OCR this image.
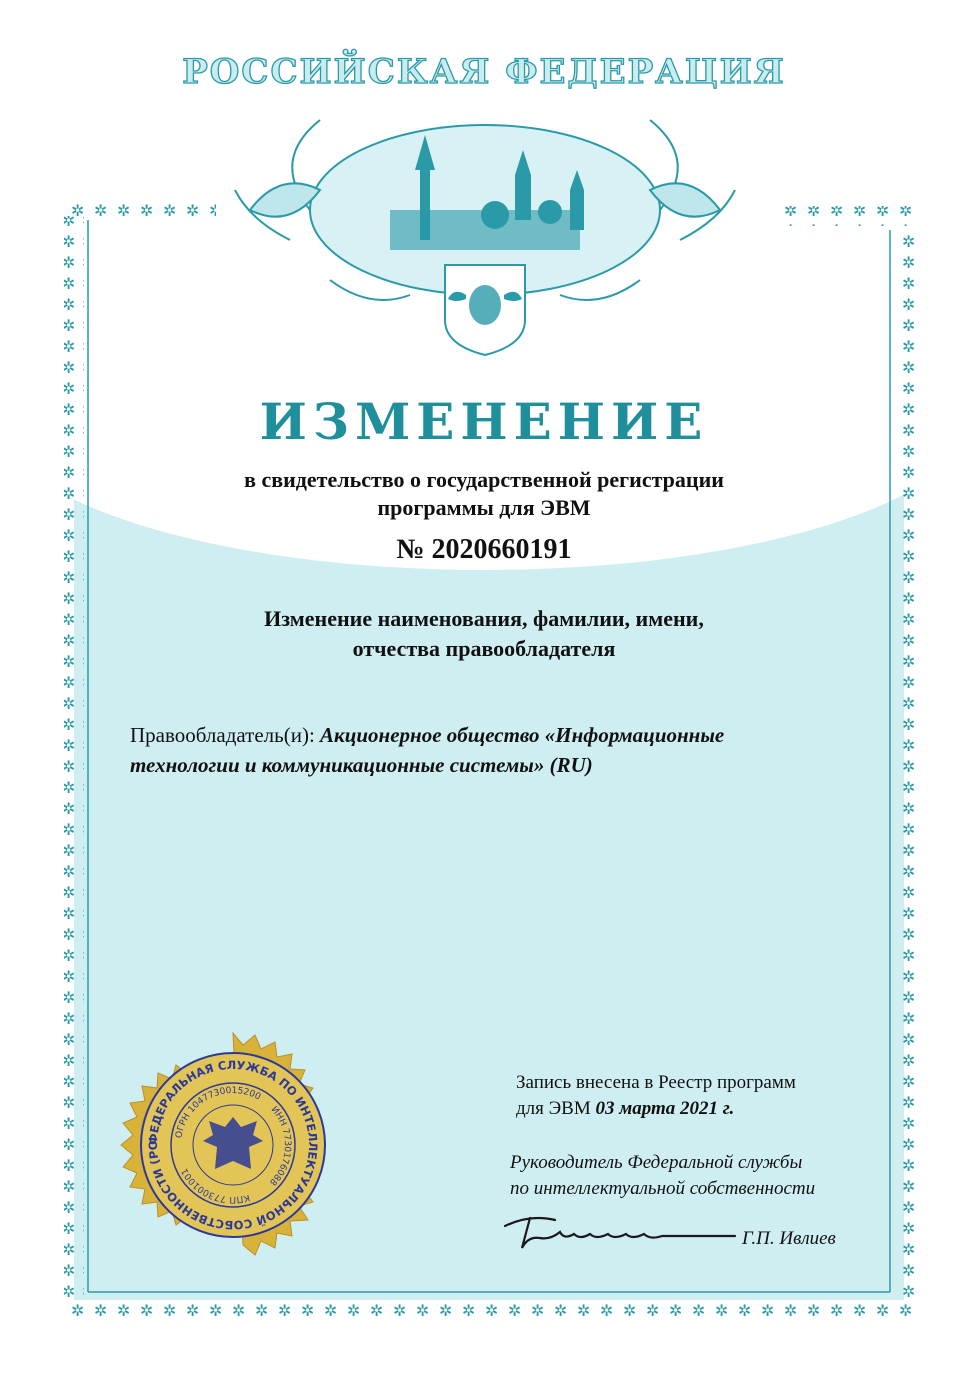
РОССИЙСКАЯ ФЕДЕРАЦИЯ
ИЗМЕНЕНИЕ
в свидетельство о государственной регистрации
программы для ЭВМ
№ 2020660191
Изменение наименования, фамилии, имени,
отчества правообладателя
Правообладатель(и): Акционерное общество «Информационные технологии и коммуникационные системы» (RU)
ФЕДЕРАЛЬНАЯ СЛУЖБА ПО ИНТЕЛЛЕКТУАЛЬНОЙ СОБСТВЕННОСТИ (РО
ОГРН 1047730015200
ИНН 7730176088
КПП 773001001
Запись внесена в Реестр программ
для ЭВМ 03 марта 2021 г.
Руководитель Федеральной службы
по интеллектуальной собственности
Г.П. Ивлиев
